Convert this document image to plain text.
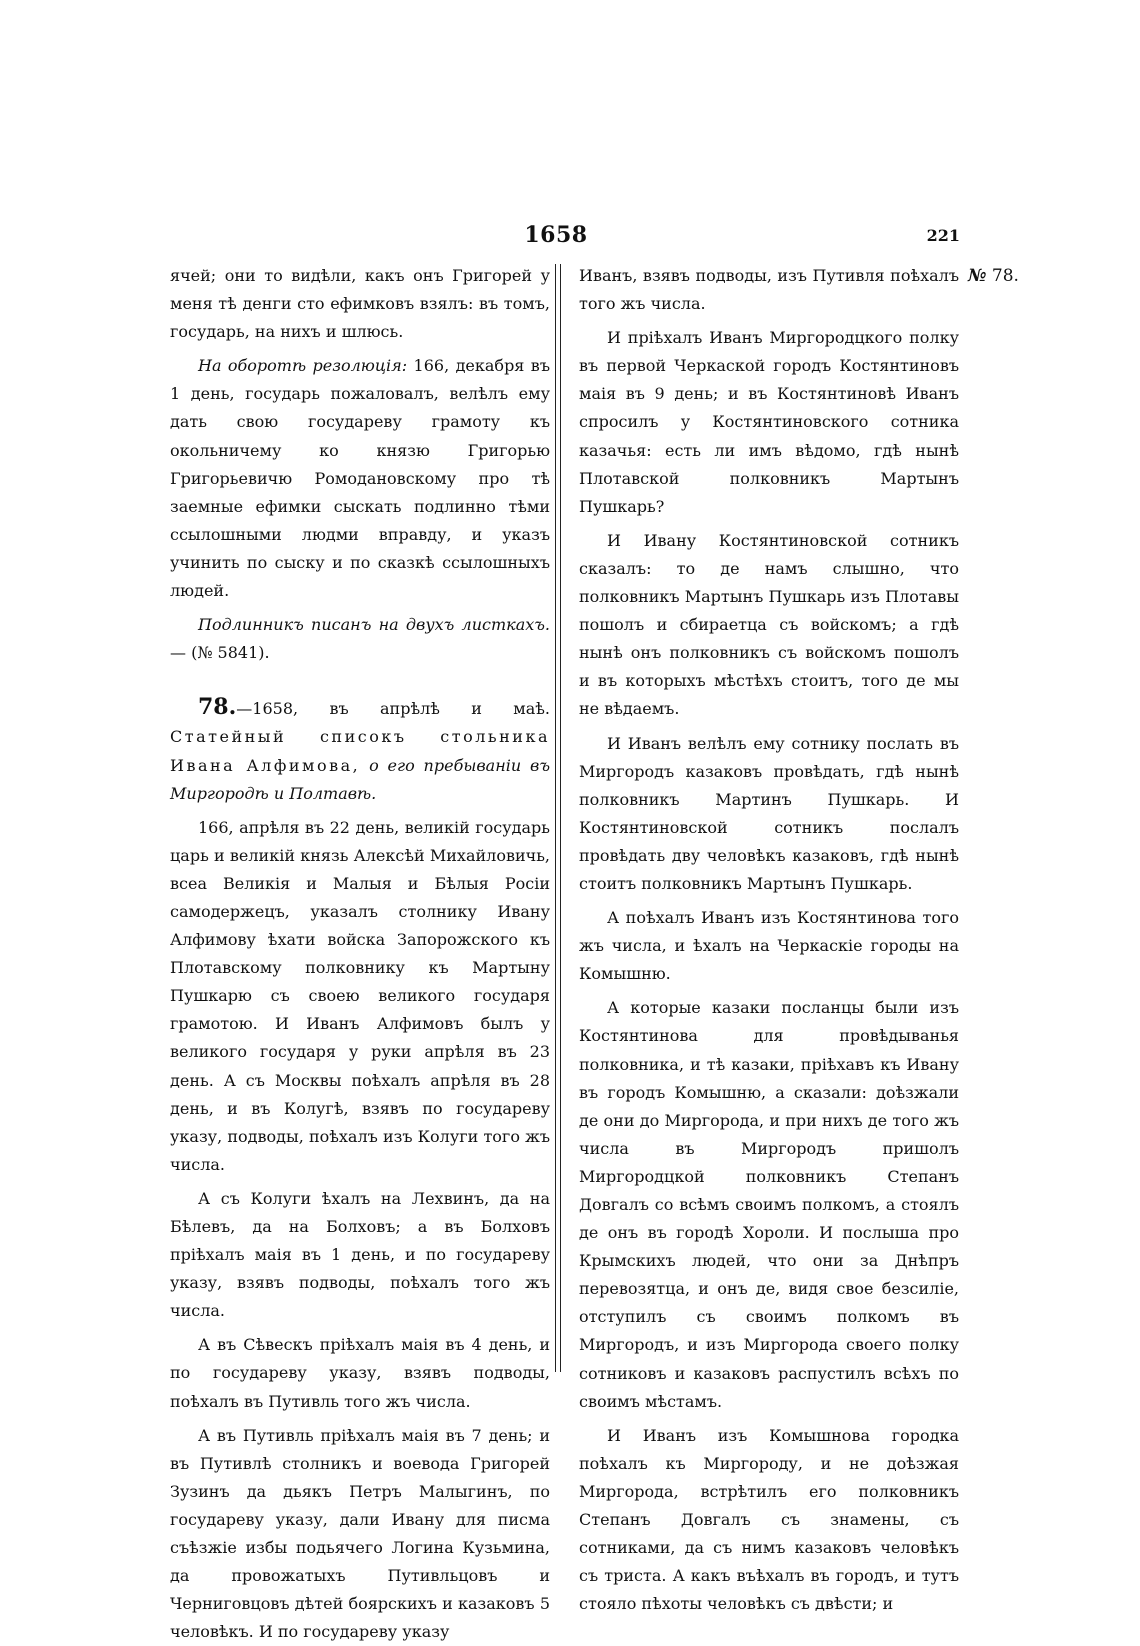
1658	221
№ 78.

ячей; они то видѣли, какъ онъ Григорей у меня тѣ денги сто ефимковъ взялъ: въ томъ, государь, на нихъ и шлюсь.

На оборотѣ резолюція: 166, декабря въ 1 день, государь пожаловалъ, велѣлъ ему дать свою государеву грамоту къ окольничему ко князю Григорью Григорьевичю Ромодановскому про тѣ заемные ефимки сыскать подлинно тѣми ссылошными людми вправду, и указъ учинить по сыску и по сказкѣ ссылошныхъ людей.

Подлинникъ писанъ на двухъ листкахъ. — (№ 5841).

78.—1658, въ апрѣлѣ и маѣ. Статейный списокъ стольника Ивана Алфимова, о его пребываніи въ Миргородѣ и Полтавѣ.

166, апрѣля въ 22 день, великій государь царь и великій князь Алексѣй Михайловичь, всеа Великія и Малыя и Бѣлыя Росіи самодержецъ, указалъ столнику Ивану Алфимову ѣхати войска Запорожского къ Плотавскому полковнику къ Мартыну Пушкарю съ своею великого государя грамотою. И Иванъ Алфимовъ былъ у великого государя у руки апрѣля въ 23 день. А съ Москвы поѣхалъ апрѣля въ 28 день, и въ Колугѣ, взявъ по государеву указу, подводы, поѣхалъ изъ Колуги того жъ числа.

А съ Колуги ѣхалъ на Лехвинъ, да на Бѣлевъ, да на Болховъ; а въ Болховъ пріѣхалъ маія въ 1 день, и по государеву указу, взявъ подводы, поѣхалъ того жъ числа.

А въ Сѣвескъ пріѣхалъ маія въ 4 день, и по государеву указу, взявъ подводы, поѣхалъ въ Путивль того жъ числа.

А въ Путивль пріѣхалъ маія въ 7 день; и въ Путивлѣ столникъ и воевода Григорей Зузинъ да дьякъ Петръ Малыгинъ, по государеву указу, дали Ивану для писма съѣзжіе избы подьячего Логина Кузьмина, да провожатыхъ Путивльцовъ и Черниговцовъ дѣтей боярскихъ и казаковъ 5 человѣкъ. И по государеву указу

Иванъ, взявъ подводы, изъ Путивля поѣхалъ того жъ числа.

И пріѣхалъ Иванъ Миргородцкого полку въ первой Черкаской городъ Костянтиновъ маія въ 9 день; и въ Костянтиновѣ Иванъ спросилъ у Костянтиновского сотника казачья: есть ли имъ вѣдомо, гдѣ нынѣ Плотавской полковникъ Мартынъ Пушкарь?

И Ивану Костянтиновской сотникъ сказалъ: то де намъ слышно, что полковникъ Мартынъ Пушкарь изъ Плотавы пошолъ и сбираетца съ войскомъ; а гдѣ нынѣ онъ полковникъ съ войскомъ пошолъ и въ которыхъ мѣстѣхъ стоитъ, того де мы не вѣдаемъ.

И Иванъ велѣлъ ему сотнику послать въ Миргородъ казаковъ провѣдать, гдѣ нынѣ полковникъ Мартинъ Пушкарь. И Костянтиновской сотникъ послалъ провѣдать дву человѣкъ казаковъ, гдѣ нынѣ стоитъ полковникъ Мартынъ Пушкарь.

А поѣхалъ Иванъ изъ Костянтинова того жъ числа, и ѣхалъ на Черкаскіе городы на Комышню.

А которые казаки посланцы были изъ Костянтинова для провѣдыванья полковника, и тѣ казаки, пріѣхавъ къ Ивану въ городъ Комышню, а сказали: доѣзжали де они до Миргорода, и при нихъ де того жъ числа въ Миргородъ пришолъ Миргородцкой полковникъ Степанъ Довгалъ со всѣмъ своимъ полкомъ, а стоялъ де онъ въ городѣ Хороли. И послыша про Крымскихъ людей, что они за Днѣпръ перевозятца, и онъ де, видя свое безсиліе, отступилъ съ своимъ полкомъ въ Миргородъ, и изъ Миргорода своего полку сотниковъ и казаковъ распустилъ всѣхъ по своимъ мѣстамъ.

И Иванъ изъ Комышнова городка поѣхалъ къ Миргороду, и не доѣзжая Миргорода, встрѣтилъ его полковникъ Степанъ Довгалъ съ знамены, съ сотниками, да съ нимъ казаковъ человѣкъ съ триста. А какъ въѣхалъ въ городъ, и тутъ стояло пѣхоты человѣкъ съ двѣсти; и
